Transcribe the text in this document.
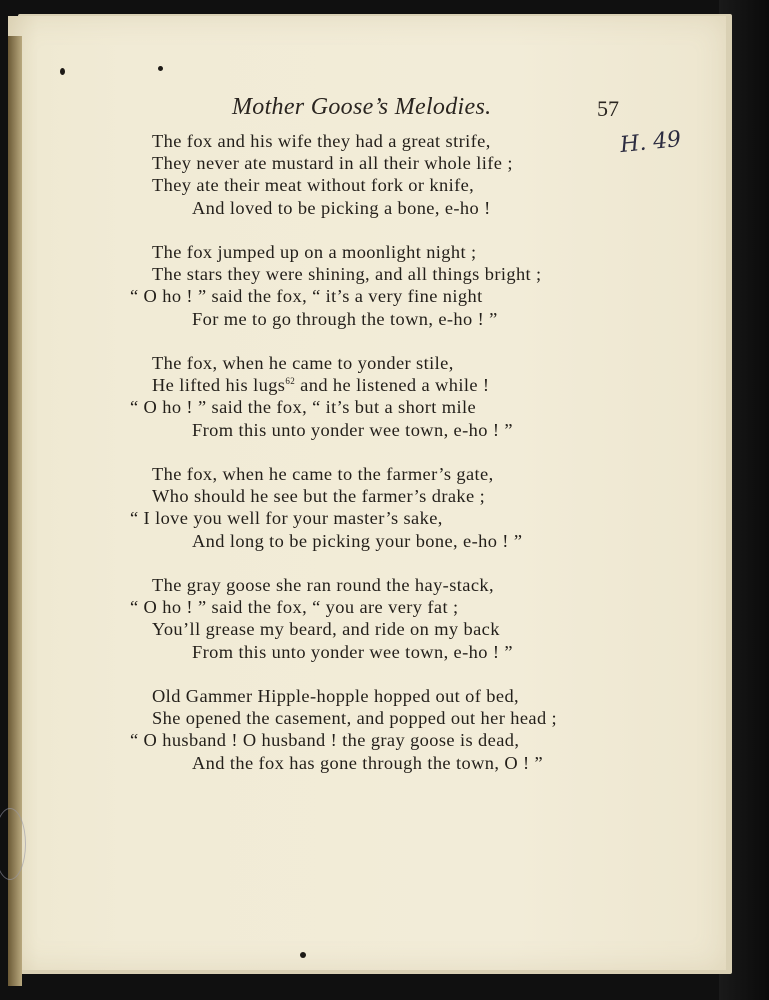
Mother Goose’s Melodies.	57
H. 49
The fox and his wife they had a great strife,
They never ate mustard in all their whole life ;
They ate their meat without fork or knife,
And loved to be picking a bone, e-ho !
The fox jumped up on a moonlight night ;
The stars they were shining, and all things bright ;
“ O ho ! ” said the fox, “ it’s a very fine night
For me to go through the town, e-ho ! ”
The fox, when he came to yonder stile,
He lifted his lugs$^{62}$ and he listened a while !
“ O ho ! ” said the fox, “ it’s but a short mile
From this unto yonder wee town, e-ho ! ”
The fox, when he came to the farmer’s gate,
Who should he see but the farmer’s drake ;
“ I love you well for your master’s sake,
And long to be picking your bone, e-ho ! ”
The gray goose she ran round the hay-stack,
“ O ho ! ” said the fox, “ you are very fat ;
You’ll grease my beard, and ride on my back
From this unto yonder wee town, e-ho ! ”
Old Gammer Hipple-hopple hopped out of bed,
She opened the casement, and popped out her head ;
“ O husband ! O husband ! the gray goose is dead,
And the fox has gone through the town, O ! ”
